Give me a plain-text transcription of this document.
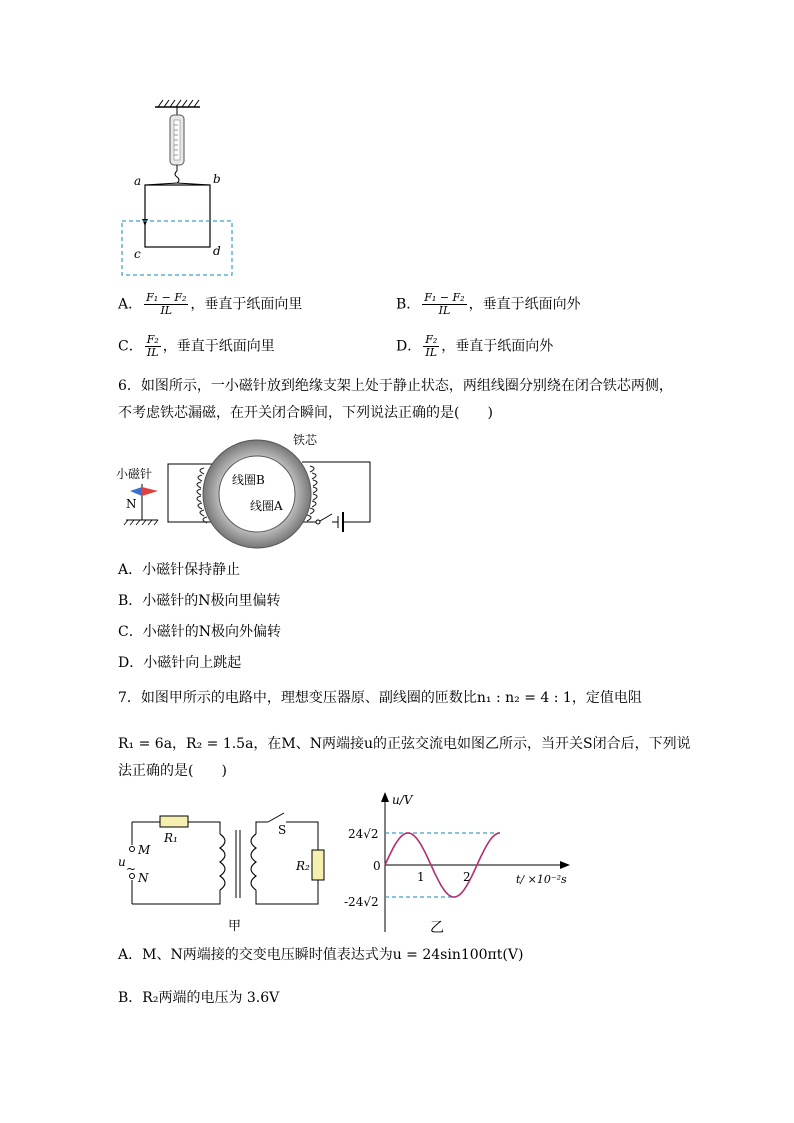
a	b
c	d
A． $\frac{\text{F₁ − F₂}}{IL}$ ，垂直于纸面向里	B． $\frac{\text{F₁ − F₂}}{IL}$ ，垂直于纸面向外
C． $\frac{\text{F₂}}{IL}$ ，垂直于纸面向里	D． $\frac{\text{F₂}}{IL}$ ，垂直于纸面向外
6．如图所示，一小磁针放到绝缘支架上处于静止状态，两组线圈分别绕在闭合铁芯两侧，
不考虑铁芯漏磁，在开关闭合瞬间，下列说法正确的是(　　)
铁芯
线圈B
线圈A
小磁针
N
A．小磁针保持静止
B．小磁针的N极向里偏转
C．小磁针的N极向外偏转
D．小磁针向上跳起
7．如图甲所示的电路中，理想变压器原、副线圈的匝数比n₁ : n₂ = 4 : 1，定值电阻
R₁ = 6a，R₂ = 1.5a，在M、N两端接u的正弦交流电如图乙所示，当开关S闭合后，下列说
法正确的是(　　)
R₁
S
R₂
M
u ~
N
甲
u/V
t/ ×10⁻²s
24√2
0
-24√2
1	2
乙
A．M、N两端接的交变电压瞬时值表达式为u = 24sin100πt(V)
B．R₂两端的电压为 3.6V
